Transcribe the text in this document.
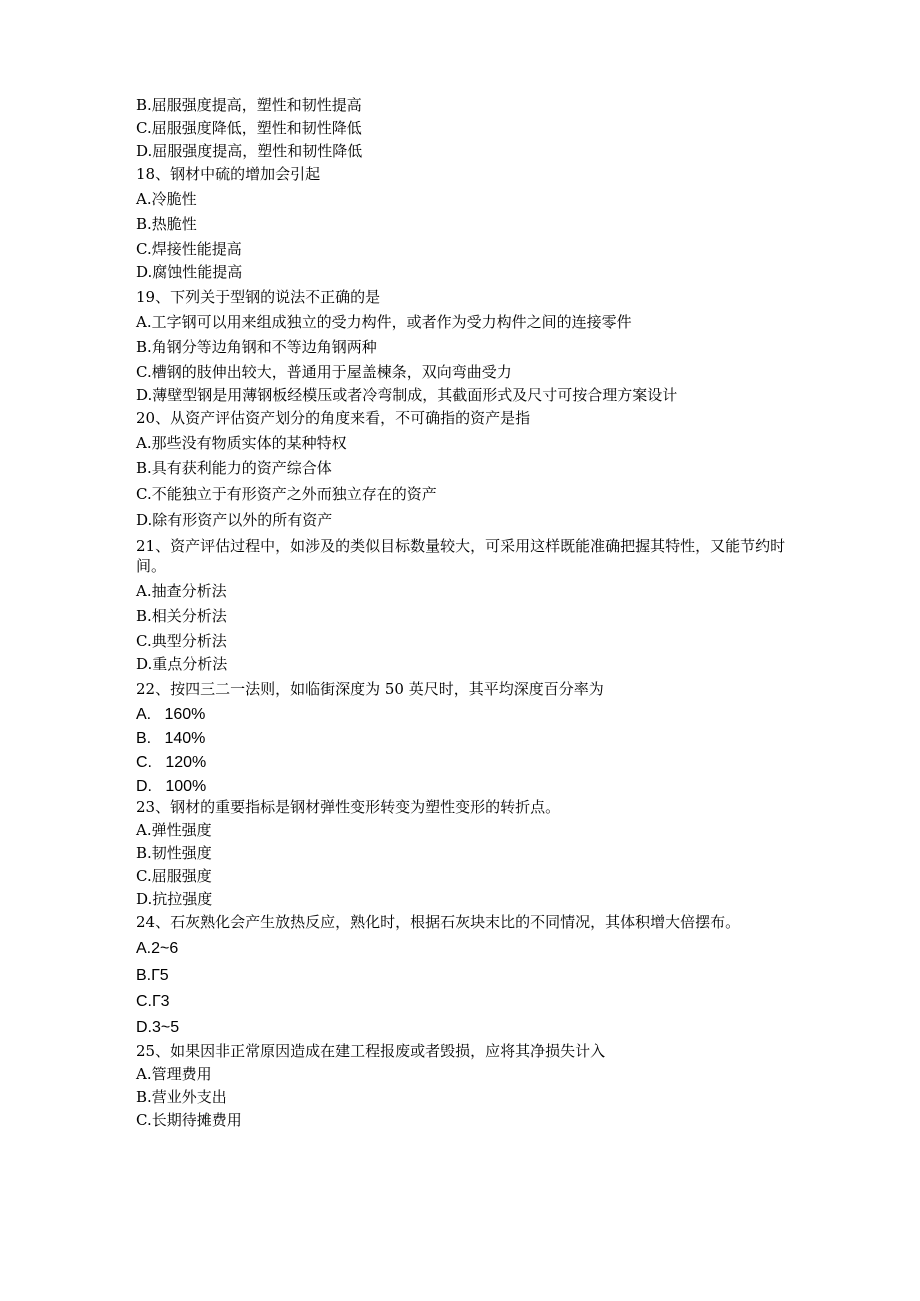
B.屈服强度提高，塑性和韧性提高
C.屈服强度降低，塑性和韧性降低
D.屈服强度提高，塑性和韧性降低
18、钢材中硫的增加会引起
A.冷脆性
B.热脆性
C.焊接性能提高
D.腐蚀性能提高
19、下列关于型钢的说法不正确的是
A.工字钢可以用来组成独立的受力构件，或者作为受力构件之间的连接零件
B.角钢分等边角钢和不等边角钢两种
C.槽钢的肢伸出较大，普通用于屋盖楝条，双向弯曲受力
D.薄壁型钢是用薄钢板经模压或者冷弯制成，其截面形式及尺寸可按合理方案设计
20、从资产评估资产划分的角度来看，不可确指的资产是指
A.那些没有物质实体的某种特权
B.具有获利能力的资产综合体
C.不能独立于有形资产之外而独立存在的资产
D.除有形资产以外的所有资产
21、资产评估过程中，如涉及的类似目标数量较大，可采用这样既能准确把握其特性，又能节约时间。
A.抽查分析法
B.相关分析法
C.典型分析法
D.重点分析法
22、按四三二一法则，如临街深度为 50 英尺时，其平均深度百分率为
A.   160%
B.   140%
C.   120%
D.   100%
23、钢材的重要指标是钢材弹性变形转变为塑性变形的转折点。
A.弹性强度
B.韧性强度
C.屈服强度
D.抗拉强度
24、石灰熟化会产生放热反应，熟化时，根据石灰块末比的不同情况，其体积增大倍摆布。
A.2~6
B.Г5
C.Г3
D.3~5
25、如果因非正常原因造成在建工程报废或者毁损，应将其净损失计入
A.管理费用
B.营业外支出
C.长期待摊费用
